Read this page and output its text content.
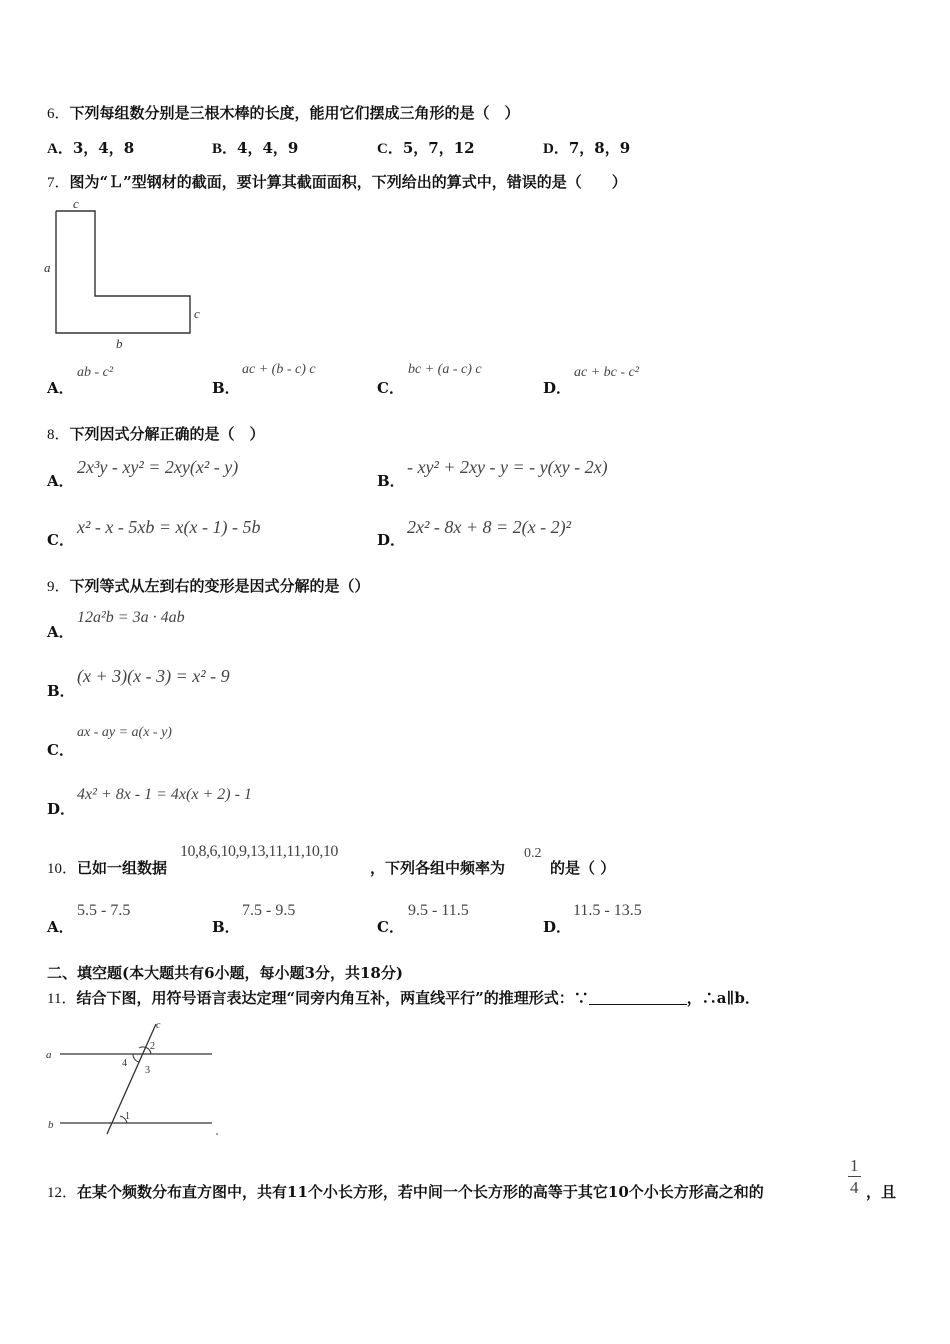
6．下列每组数分别是三根木棒的长度，能用它们摆成三角形的是（　）
A．3，4，8	B．4，4，9	C．5，7，12	D．7，8，9
7．图为“Ｌ”型钢材的截面，要计算其截面面积，下列给出的算式中，错误的是（　　）
c
a
c
b
A．
ab - c²
B．
ac + (b - c) c
C．
bc + (a - c) c
D．
ac + bc - c²
8．下列因式分解正确的是（　）
A．
2x³y - xy² = 2xy(x² - y)
B．
- xy² + 2xy - y = - y(xy - 2x)
C．
x² - x - 5xb = x(x - 1) - 5b
D．
2x² - 8x + 8 = 2(x - 2)²
9．下列等式从左到右的变形是因式分解的是（）
A．
12a²b = 3a · 4ab
B．
(x + 3)(x - 3) = x² - 9
C．
ax - ay = a(x - y)
D．
4x² + 8x - 1 = 4x(x + 2) - 1
10．已如一组数据
10,8,6,10,9,13,11,11,10,10
，下列各组中频率为
0.2
的是（ ）
A．
5.5 - 7.5
B．
7.5 - 9.5
C．
9.5 - 11.5
D．
11.5 - 13.5
二、填空题(本大题共有6小题，每小题3分，共18分)
11．结合下图，用符号语言表达定理“同旁内角互补，两直线平行”的推理形式：∵	，∴a∥b．
a
b
c
2
3
4
1
12．在某个频数分布直方图中，共有11个小长方形，若中间一个长方形的高等于其它10个小长方形高之和的	$\frac{1}{4}$ ，且
